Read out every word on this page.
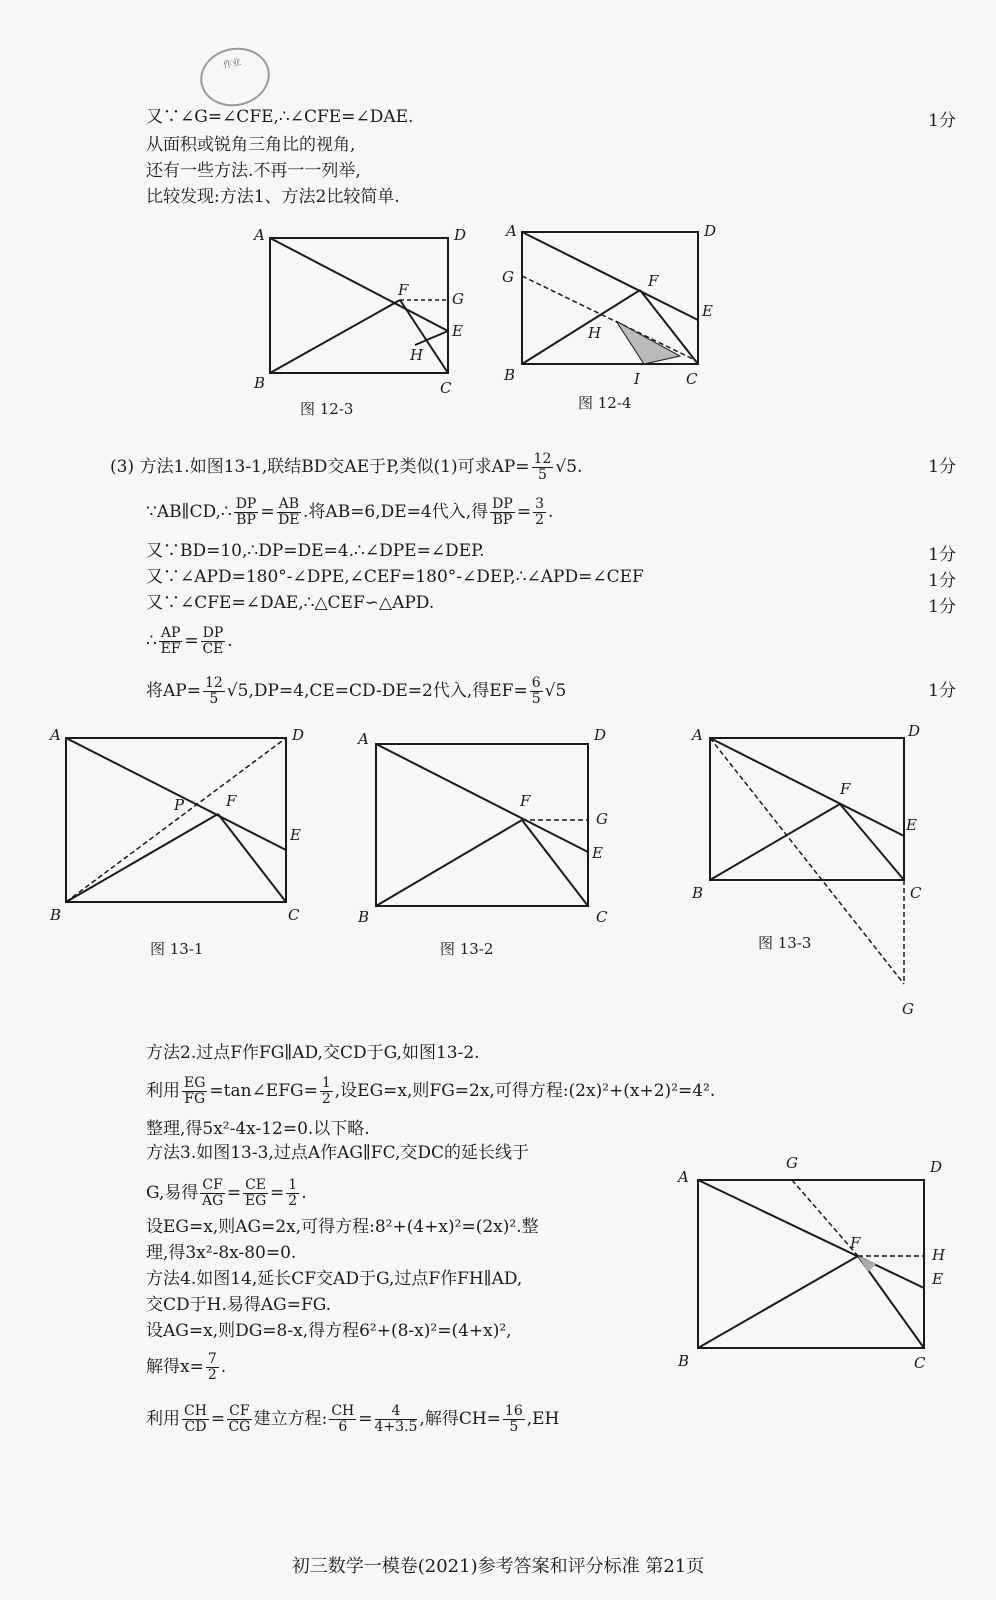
作业
又∵∠G=∠CFE,∴∠CFE=∠DAE.	1分
从面积或锐角三角比的视角,
还有一些方法.不再一一列举,
比较发现:方法1、方法2比较简单.
A	D
B	C
F	G
E
H
A	D
G	F
E
H
B	I	C
图 12-3	图 12-4
(3) 方法1.如图13-1,联结BD交AE于P,类似(1)可求$AP= \frac{12}{5} √5$.	1分
∵AB∥CD,∴ $\frac{DP}{BP} = \frac{AB}{DE}$ .将AB=6,DE=4代入,得 $\frac{DP}{BP} = \frac{3}{2}$ .
又∵BD=10,∴DP=DE=4.∴∠DPE=∠DEP.	1分
又∵∠APD=180°-∠DPE,∠CEF=180°-∠DEP,∴∠APD=∠CEF	1分
又∵∠CFE=∠DAE,∴△CEF∽△APD.	1分
∴ $\frac{AP}{EF} = \frac{DP}{CE}$ .
将$AP= \frac{12}{5} √5,DP=4,CE=CD-DE=2$代入,得$EF= \frac{6}{5} √5$	1分
A	D
P	F
E
B	C
A	D
F
G
E
B	C
A	D
F
E
B	C
G
图 13-1	图 13-2	图 13-3
方法2.过点F作FG∥AD,交CD于G,如图13-2.
利用 $\frac{EG}{FG}$ =tan∠EFG= $\frac{1}{2}$ ,设EG=x,则FG=2x,可得方程:(2x)²+(x+2)²=4².
整理,得5x²-4x-12=0.以下略.
方法3.如图13-3,过点A作AG∥FC,交DC的延长线于
G,易得 $\frac{CF}{AG} = \frac{CE}{EG} = \frac{1}{2}$ .
设EG=x,则AG=2x,可得方程:8²+(4+x)²=(2x)².整
理,得3x²-8x-80=0.
方法4.如图14,延长CF交AD于G,过点F作FH∥AD,
交CD于H.易得AG=FG.
设AG=x,则DG=8-x,得方程6²+(8-x)²=(4+x)²,
解得$x= \frac{7}{2}$ .
利用 $\frac{CH}{CD} = \frac{CF}{CG}$ 建立方程: $\frac{CH}{6} = \frac{4}{4+3.5}$ ,解得$CH= \frac{16}{5} ,EH$
A
G	D
F
H
E
B	C
初三数学一模卷(2021)参考答案和评分标准 第21页
